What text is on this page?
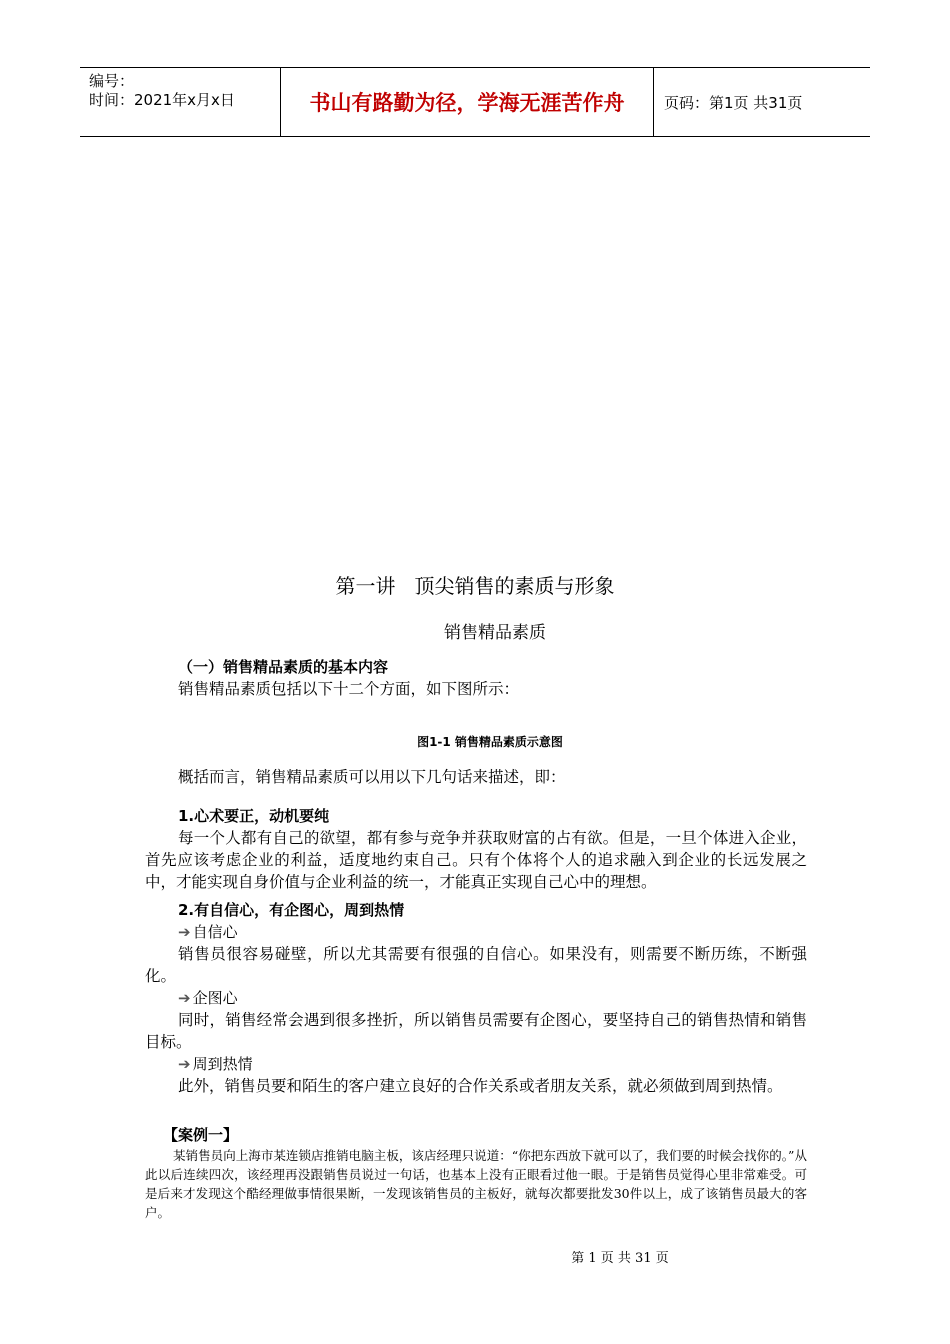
编号：
时间：2021年x月x日	书山有路勤为径，学海无涯苦作舟	页码：第1页 共31页
第一讲   顶尖销售的素质与形象
销售精品素质
（一）销售精品素质的基本内容
销售精品素质包括以下十二个方面，如下图所示：
图1-1 销售精品素质示意图
概括而言，销售精品素质可以用以下几句话来描述，即：
1.心术要正，动机要纯
每一个人都有自己的欲望，都有参与竞争并获取财富的占有欲。但是，一旦个体进入企业，首先应该考虑企业的利益，适度地约束自己。只有个体将个人的追求融入到企业的长远发展之中，才能实现自身价值与企业利益的统一，才能真正实现自己心中的理想。
2.有自信心，有企图心，周到热情
➔ 自信心
销售员很容易碰壁，所以尤其需要有很强的自信心。如果没有，则需要不断历练，不断强化。
➔ 企图心
同时，销售经常会遇到很多挫折，所以销售员需要有企图心，要坚持自己的销售热情和销售目标。
➔ 周到热情
此外，销售员要和陌生的客户建立良好的合作关系或者朋友关系，就必须做到周到热情。
【案例一】
某销售员向上海市某连锁店推销电脑主板，该店经理只说道：“你把东西放下就可以了，我们要的时候会找你的。”从此以后连续四次，该经理再没跟销售员说过一句话，也基本上没有正眼看过他一眼。于是销售员觉得心里非常难受。可是后来才发现这个酷经理做事情很果断，一发现该销售员的主板好，就每次都要批发30件以上，成了该销售员最大的客户。
第 1 页 共 31 页
